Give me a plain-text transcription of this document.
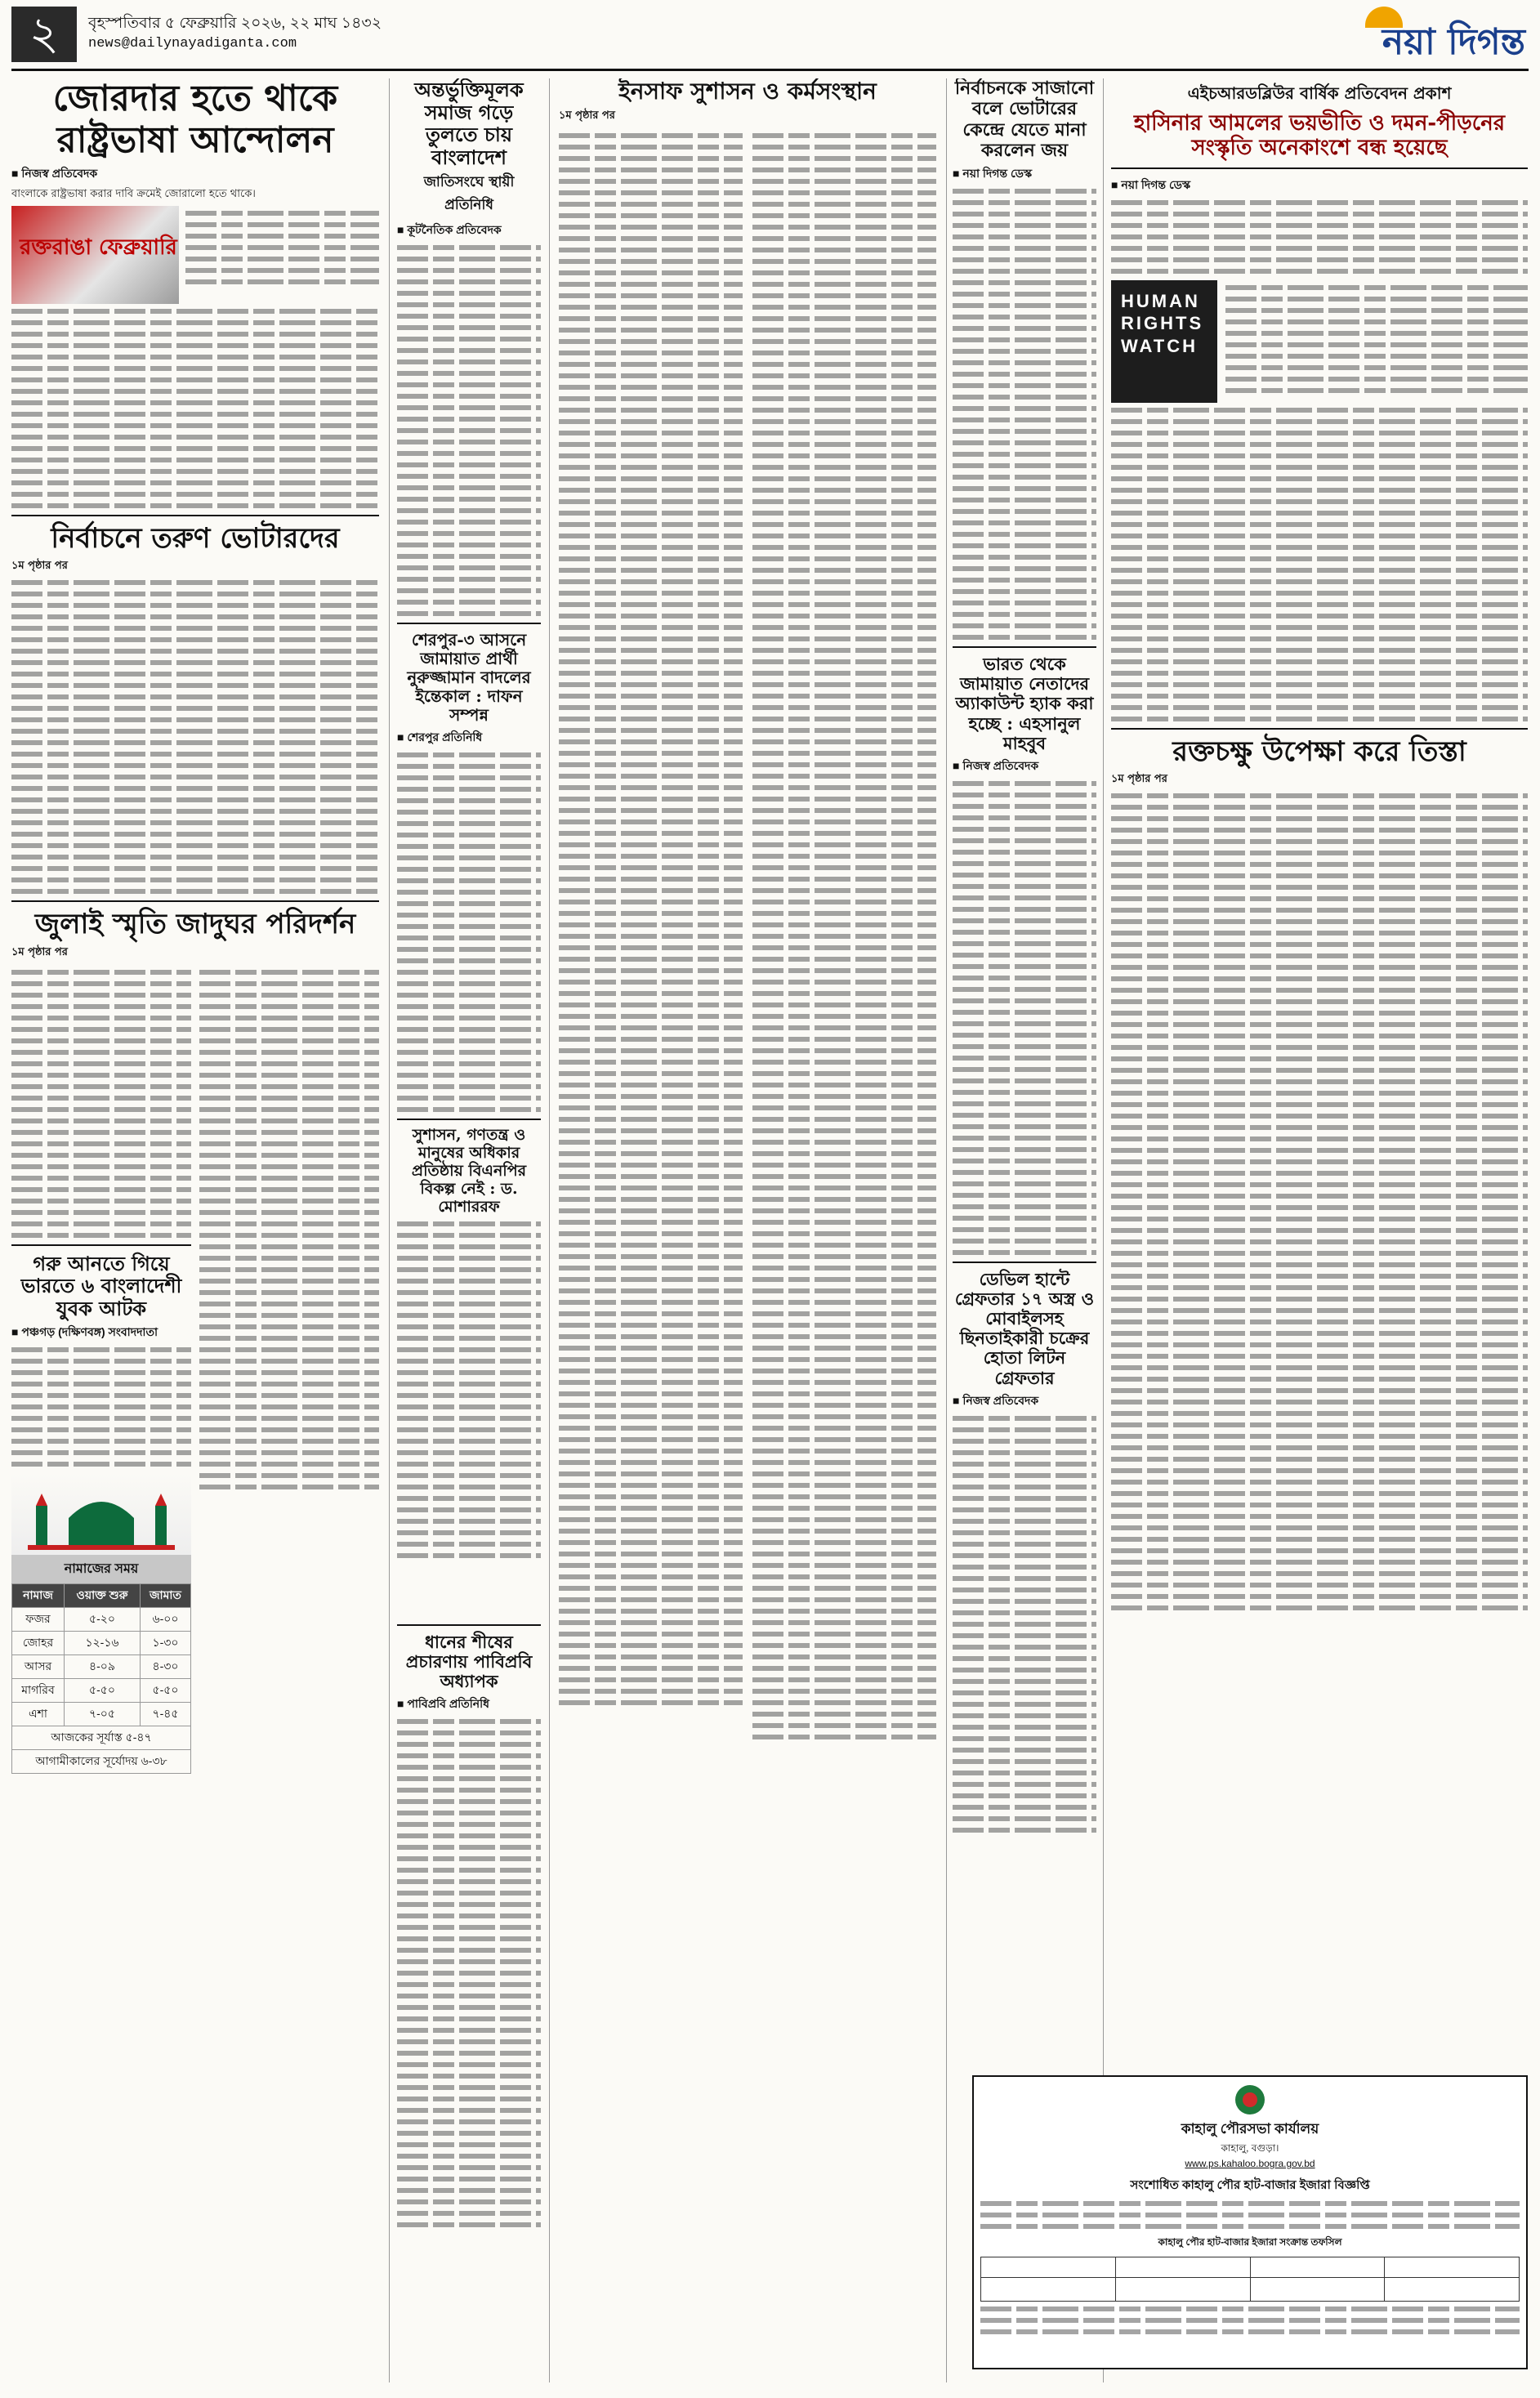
২	বৃহস্পতিবার ৫ ফেব্রুয়ারি ২০২৬, ২২ মাঘ ১৪৩২
news@dailynayadiganta.com	নয়া দিগন্ত
জোরদার হতে থাকে রাষ্ট্রভাষা আন্দোলন
■ নিজস্ব প্রতিবেদক
বাংলাকে রাষ্ট্রভাষা করার দাবি ক্রমেই জোরালো হতে থাকে।
রক্তরাঙা ফেব্রুয়ারি
নির্বাচনে তরুণ ভোটারদের
১ম পৃষ্ঠার পর
জুলাই স্মৃতি জাদুঘর পরিদর্শন
১ম পৃষ্ঠার পর
গরু আনতে গিয়ে ভারতে ৬ বাংলাদেশী যুবক আটক
■ পঞ্চগড় (দক্ষিণবঙ্গ) সংবাদদাতা
নামাজের সময়
নামাজ	ওয়াক্ত শুরু	জামাত
ফজর	৫-২০	৬-০০
জোহর	১২-১৬	১-৩০
আসর	৪-০৯	৪-৩০
মাগরিব	৫-৫০	৫-৫০
এশা	৭-০৫	৭-৪৫
আজকের সূর্যাস্ত ৫-৪৭		
আগামীকালের সূর্যোদয় ৬-৩৮		
অন্তর্ভুক্তিমূলক সমাজ গড়ে তুলতে চায় বাংলাদেশ
জাতিসংঘে স্থায়ী প্রতিনিধি
■ কূটনৈতিক প্রতিবেদক
শেরপুর-৩ আসনে জামায়াত প্রার্থী নুরুজ্জামান বাদলের ইন্তেকাল : দাফন সম্পন্ন
■ শেরপুর প্রতিনিধি
সুশাসন, গণতন্ত্র ও মানুষের অধিকার প্রতিষ্ঠায় বিএনপির বিকল্প নেই : ড. মোশাররফ
ধানের শীষের প্রচারণায় পাবিপ্রবি অধ্যাপক
■ পাবিপ্রবি প্রতিনিধি
ইনসাফ সুশাসন ও কর্মসংস্থান
১ম পৃষ্ঠার পর
নির্বাচনকে সাজানো বলে ভোটারের কেন্দ্রে যেতে মানা করলেন জয়
■ নয়া দিগন্ত ডেস্ক
ভারত থেকে জামায়াত নেতাদের অ্যাকাউন্ট হ্যাক করা হচ্ছে : এহসানুল মাহবুব
■ নিজস্ব প্রতিবেদক
ডেভিল হান্টে গ্রেফতার ১৭ অস্ত্র ও মোবাইলসহ ছিনতাইকারী চক্রের হোতা লিটন গ্রেফতার
■ নিজস্ব প্রতিবেদক
এইচআরডব্লিউর বার্ষিক প্রতিবেদন প্রকাশ
হাসিনার আমলের ভয়ভীতি ও দমন-পীড়নের সংস্কৃতি অনেকাংশে বন্ধ হয়েছে
■ নয়া দিগন্ত ডেস্ক
HUMAN RIGHTS WATCH
রক্তচক্ষু উপেক্ষা করে তিস্তা
১ম পৃষ্ঠার পর
কাহালু পৌরসভা কার্যালয়
কাহালু, বগুড়া।
www.ps.kahaloo.bogra.gov.bd
সংশোধিত কাহালু পৌর হাট-বাজার ইজারা বিজ্ঞপ্তি
কাহালু পৌর হাট-বাজার ইজারা সংক্রান্ত তফসিল
